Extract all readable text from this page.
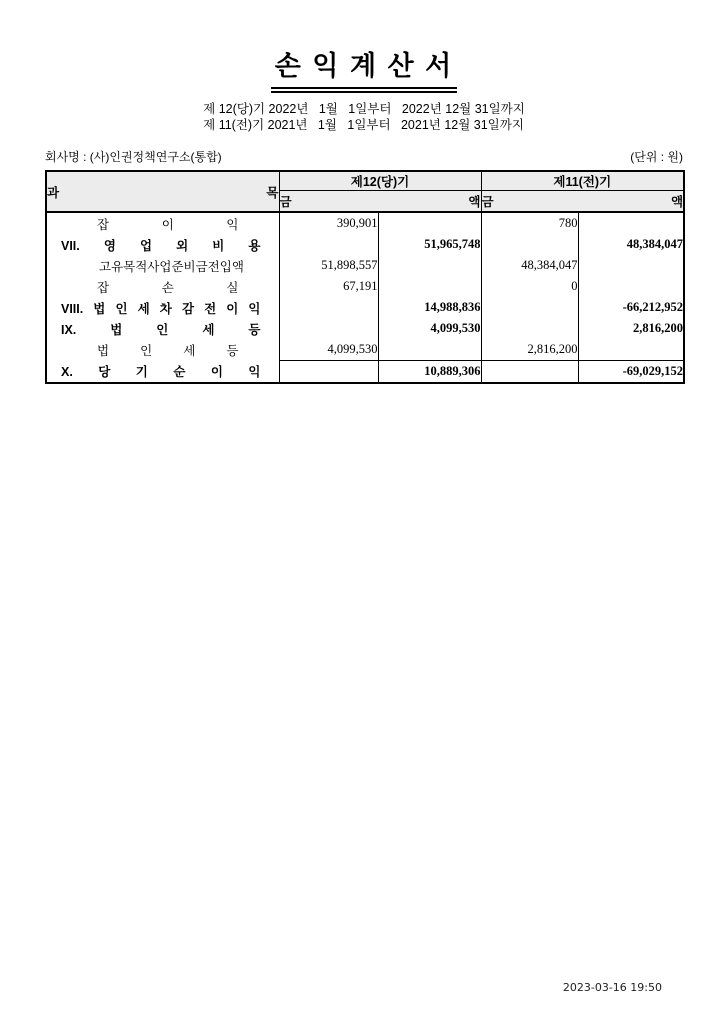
손 익 계 산 서
제 12(당)기 2022년   1월   1일부터   2022년 12월 31일까지
제 11(전)기 2021년   1월   1일부터   2021년 12월 31일까지
회사명 : (사)인권정책연구소(통합)	(단위 : 원)
과 목	제12(당)기		제11(전)기	
	금 액		금 액	
잡 이 익	390,901		780	
VII. 영 업 외 비 용		51,965,748		48,384,047
고유목적사업준비금전입액	51,898,557		48,384,047	
잡 손 실	67,191		0	
VIII. 법 인 세 차 감 전 이 익		14,988,836		-66,212,952
IX. 법 인 세 등		4,099,530		2,816,200
법 인 세 등	4,099,530		2,816,200	
X. 당 기 순 이 익		10,889,306		-69,029,152
2023-03-16 19:50
